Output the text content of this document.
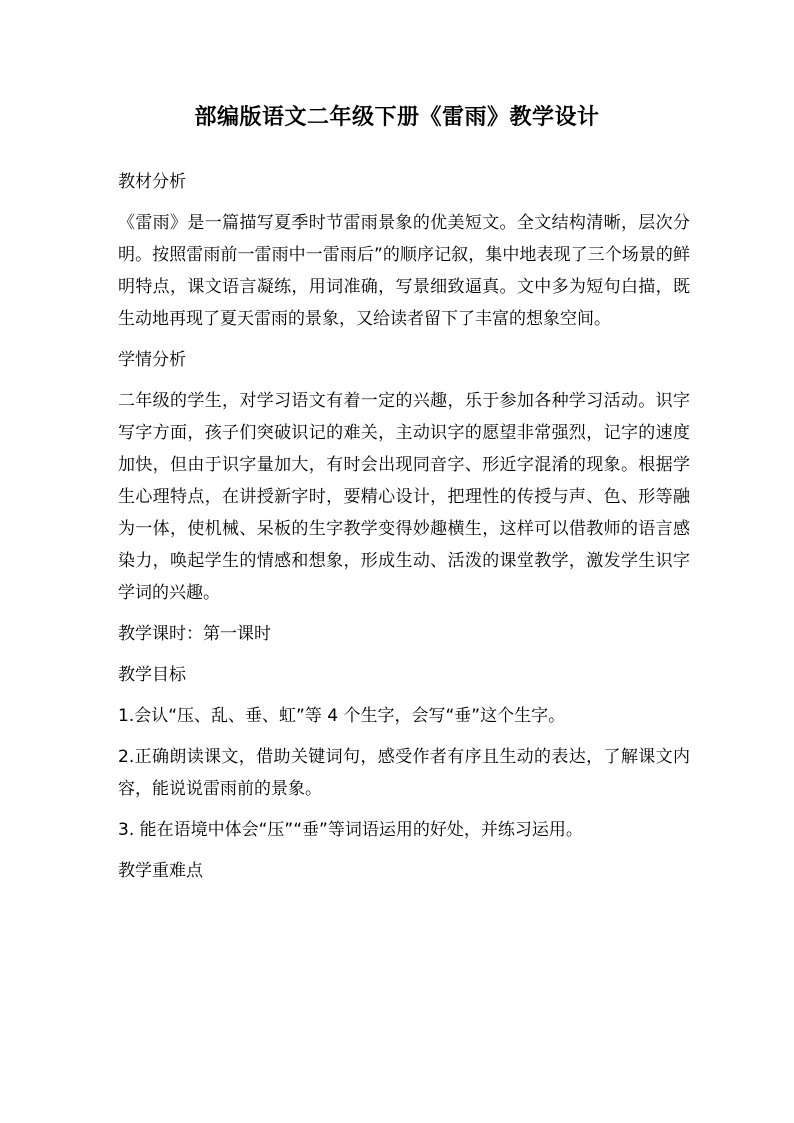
部编版语文二年级下册《雷雨》教学设计

教材分析

《雷雨》是一篇描写夏季时节雷雨景象的优美短文。全文结构清晰，层次分明。按照雷雨前一雷雨中一雷雨后”的顺序记叙，集中地表现了三个场景的鲜明特点，课文语言凝练，用词准确，写景细致逼真。文中多为短句白描，既生动地再现了夏天雷雨的景象，又给读者留下了丰富的想象空间。

学情分析

二年级的学生，对学习语文有着一定的兴趣，乐于参加各种学习活动。识字写字方面，孩子们突破识记的难关，主动识字的愿望非常强烈，记字的速度加快，但由于识字量加大，有时会出现同音字、形近字混淆的现象。根据学生心理特点，在讲授新字时，要精心设计，把理性的传授与声、色、形等融为一体，使机械、呆板的生字教学变得妙趣横生，这样可以借教师的语言感染力，唤起学生的情感和想象，形成生动、活泼的课堂教学，激发学生识字学词的兴趣。

教学课时：第一课时

教学目标

1.会认“压、乱、垂、虹”等 4 个生字，会写“垂”这个生字。

2.正确朗读课文，借助关键词句，感受作者有序且生动的表达，了解课文内容，能说说雷雨前的景象。

3. 能在语境中体会“压”“垂”等词语运用的好处，并练习运用。

教学重难点
